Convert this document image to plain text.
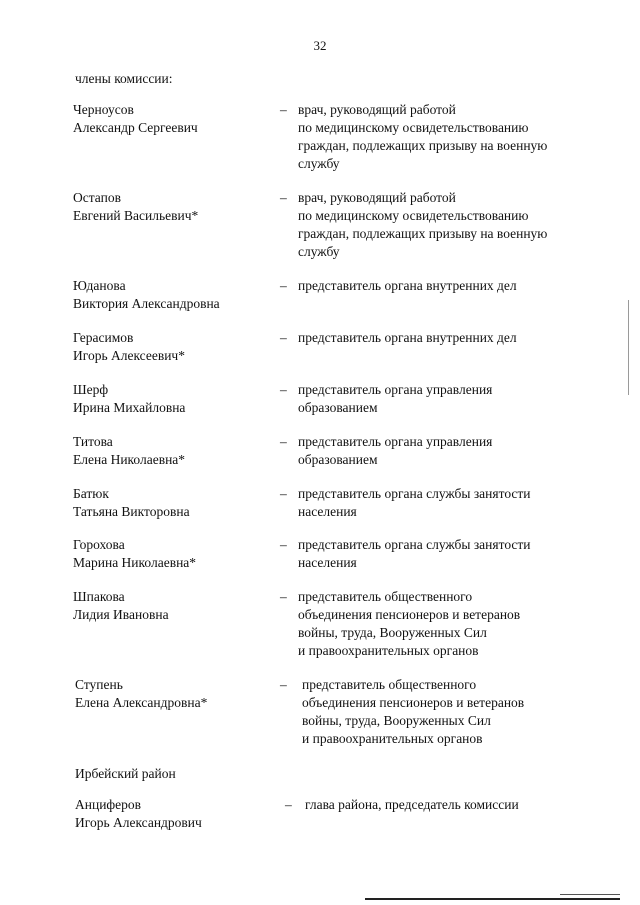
32
члены комиссии:
Черноусов
Александр Сергеевич
– врач, руководящий работой
по медицинскому освидетельствованию
граждан, подлежащих призыву на военную
службу
Остапов
Евгений Васильевич*
– врач, руководящий работой
по медицинскому освидетельствованию
граждан, подлежащих призыву на военную
службу
Юданова
Виктория Александровна
– представитель органа внутренних дел
Герасимов
Игорь Алексеевич*
– представитель органа внутренних дел
Шерф
Ирина Михайловна
– представитель органа управления
образованием
Титова
Елена Николаевна*
– представитель органа управления
образованием
Батюк
Татьяна Викторовна
– представитель органа службы занятости
населения
Горохова
Марина Николаевна*
– представитель органа службы занятости
населения
Шпакова
Лидия Ивановна
– представитель общественного
объединения пенсионеров и ветеранов
войны, труда, Вооруженных Сил
и правоохранительных органов
Ступень
Елена Александровна*
– представитель общественного
объединения пенсионеров и ветеранов
войны, труда, Вооруженных Сил
и правоохранительных органов
Ирбейский район
Анциферов
Игорь Александрович
– глава района, председатель комиссии
